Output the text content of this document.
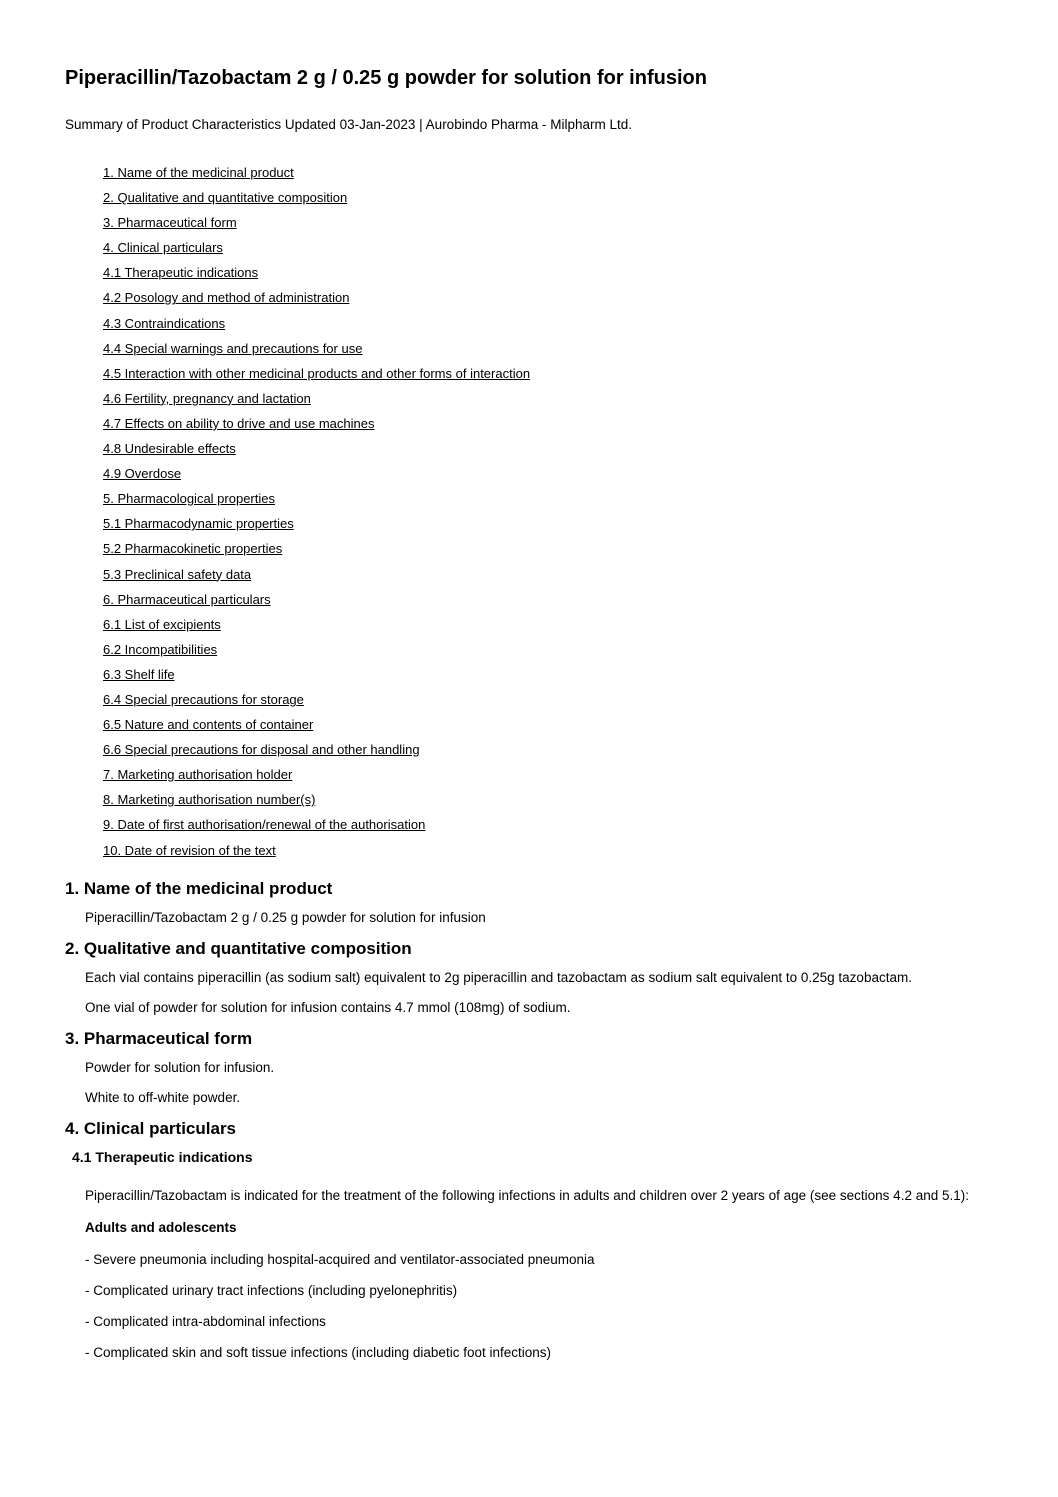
Piperacillin/Tazobactam 2 g / 0.25 g powder for solution for infusion

Summary of Product Characteristics Updated 03-Jan-2023 | Aurobindo Pharma - Milpharm Ltd.

1. Name of the medicinal product
2. Qualitative and quantitative composition
3. Pharmaceutical form
4. Clinical particulars
4.1 Therapeutic indications
4.2 Posology and method of administration
4.3 Contraindications
4.4 Special warnings and precautions for use
4.5 Interaction with other medicinal products and other forms of interaction
4.6 Fertility, pregnancy and lactation
4.7 Effects on ability to drive and use machines
4.8 Undesirable effects
4.9 Overdose
5. Pharmacological properties
5.1 Pharmacodynamic properties
5.2 Pharmacokinetic properties
5.3 Preclinical safety data
6. Pharmaceutical particulars
6.1 List of excipients
6.2 Incompatibilities
6.3 Shelf life
6.4 Special precautions for storage
6.5 Nature and contents of container
6.6 Special precautions for disposal and other handling
7. Marketing authorisation holder
8. Marketing authorisation number(s)
9. Date of first authorisation/renewal of the authorisation
10. Date of revision of the text
1. Name of the medicinal product

Piperacillin/Tazobactam 2 g / 0.25 g powder for solution for infusion

2. Qualitative and quantitative composition

Each vial contains piperacillin (as sodium salt) equivalent to 2g piperacillin and tazobactam as sodium salt equivalent to 0.25g tazobactam.

One vial of powder for solution for infusion contains 4.7 mmol (108mg) of sodium.

3. Pharmaceutical form

Powder for solution for infusion.

White to off-white powder.

4. Clinical particulars
4.1 Therapeutic indications

Piperacillin/Tazobactam is indicated for the treatment of the following infections in adults and children over 2 years of age (see sections 4.2 and 5.1):

Adults and adolescents

- Severe pneumonia including hospital-acquired and ventilator-associated pneumonia

- Complicated urinary tract infections (including pyelonephritis)

- Complicated intra-abdominal infections

- Complicated skin and soft tissue infections (including diabetic foot infections)
